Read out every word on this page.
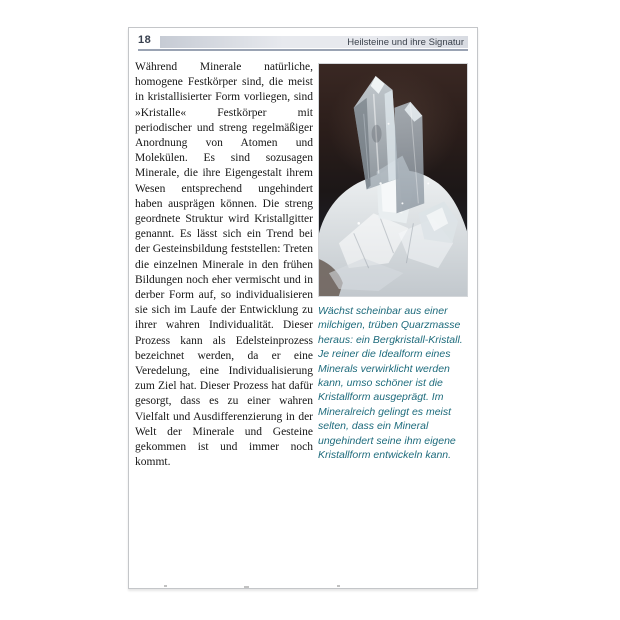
18	Heilsteine und ihre Signatur

Während Minerale natürliche, homogene Festkörper sind, die meist in kristallisierter Form vorliegen, sind »Kristalle« Festkörper mit periodischer und streng regelmäßiger Anordnung von Atomen und Molekülen. Es sind sozusagen Minerale, die ihre Eigengestalt ihrem Wesen entsprechend ungehindert haben ausprägen können. Die streng geordnete Struktur wird Kristallgitter genannt. Es lässt sich ein Trend bei der Gesteinsbildung feststellen: Treten die einzelnen Minerale in den frühen Bildungen noch eher vermischt und in derber Form auf, so individualisieren sie sich im Laufe der Entwicklung zu ihrer wahren Individualität. Dieser Prozess kann als Edelsteinprozess bezeichnet werden, da er eine Veredelung, eine Individualisierung zum Ziel hat. Dieser Prozess hat dafür gesorgt, dass es zu einer wahren Vielfalt und Ausdifferenzierung in der Welt der Minerale und Gesteine gekommen ist und immer noch kommt.

Wächst scheinbar aus einer milchigen, trüben Quarzmasse heraus: ein Bergkristall-Kristall. Je reiner die Idealform eines Minerals verwirklicht werden kann, umso schöner ist die Kristallform ausgeprägt. Im Mineralreich gelingt es meist selten, dass ein Mineral ungehindert seine ihm eigene Kristallform entwickeln kann.
